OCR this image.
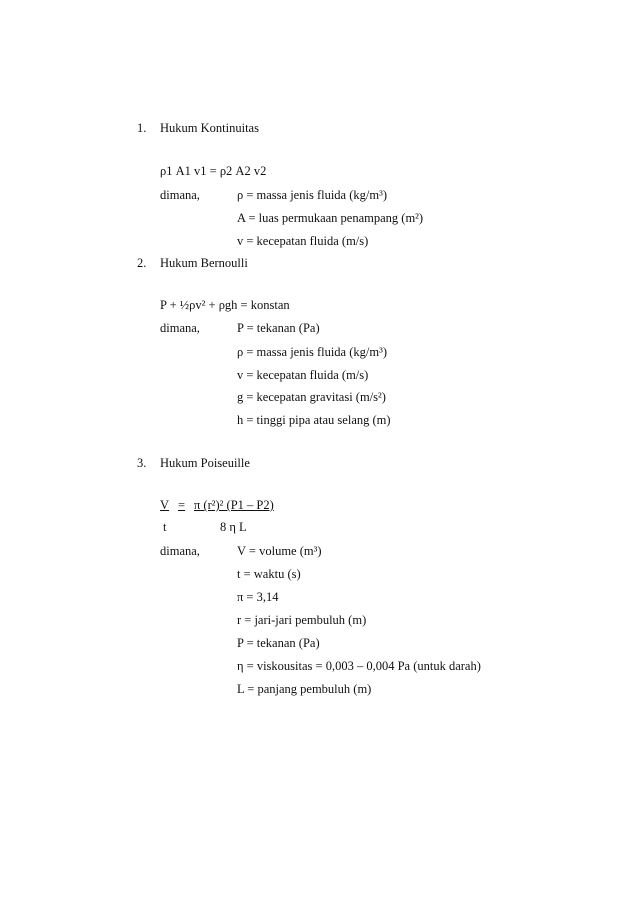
1. Hukum Kontinuitas
ρ1 A1 v1 = ρ2 A2 v2
dimana,	ρ = massa jenis fluida (kg/m³)
A = luas permukaan penampang (m²)
v = kecepatan fluida (m/s)
2. Hukum Bernoulli
P + ½ρv² + ρgh = konstan
dimana,	P = tekanan (Pa)
ρ = massa jenis fluida (kg/m³)
v = kecepatan fluida (m/s)
g = kecepatan gravitasi (m/s²)
h = tinggi pipa atau selang (m)
3. Hukum Poiseuille
V = π (r²)² (P1 – P2)
t	8 η L
dimana,	V = volume (m³)
t = waktu (s)
π = 3,14
r = jari-jari pembuluh (m)
P = tekanan (Pa)
η = viskousitas = 0,003 – 0,004 Pa (untuk darah)
L = panjang pembuluh (m)
